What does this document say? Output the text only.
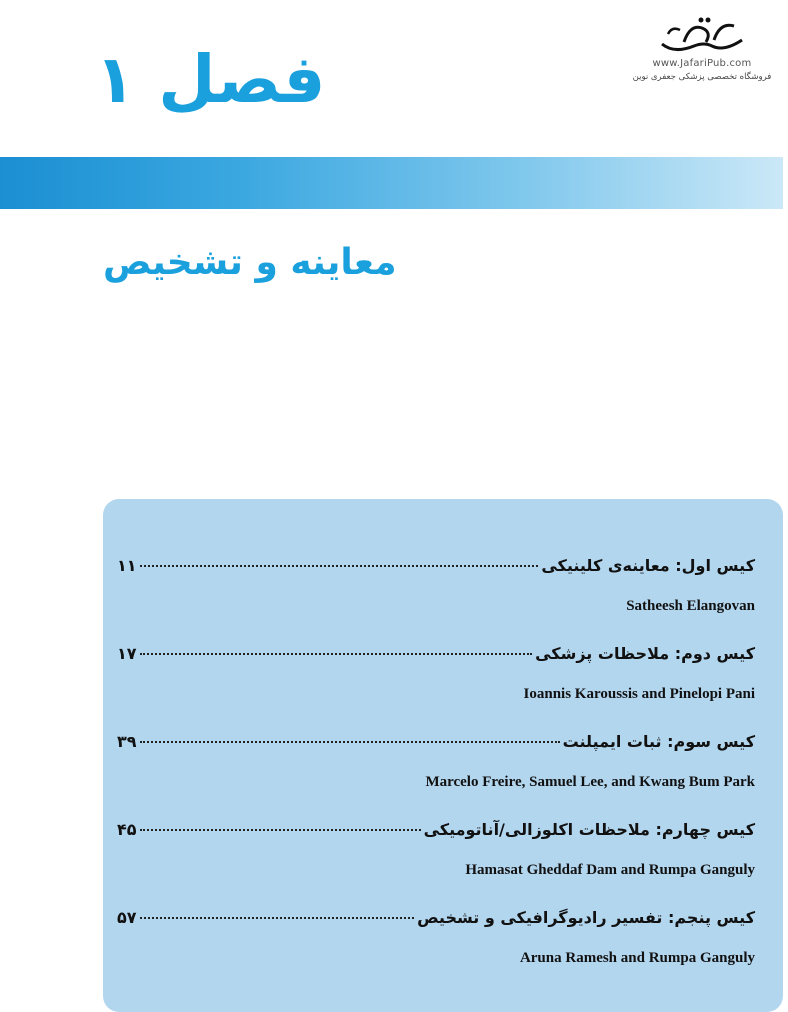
www.JafariPub.com
فروشگاه تخصصی پزشکی جعفری نوین
فصل ۱
معاینه و تشخیص
کیس اول: معاینه‌ی کلینیکی
۱۱
Satheesh Elangovan
کیس دوم: ملاحظات پزشکی
۱۷
Ioannis Karoussis and Pinelopi Pani
کیس سوم: ثبات ایمپلنت
۳۹
Marcelo Freire, Samuel Lee, and Kwang Bum Park
کیس چهارم: ملاحظات اکلوزالی/آناتومیکی
۴۵
Hamasat Gheddaf Dam and Rumpa Ganguly
کیس پنجم: تفسیر رادیوگرافیکی و تشخیص
۵۷
Aruna Ramesh and Rumpa Ganguly
